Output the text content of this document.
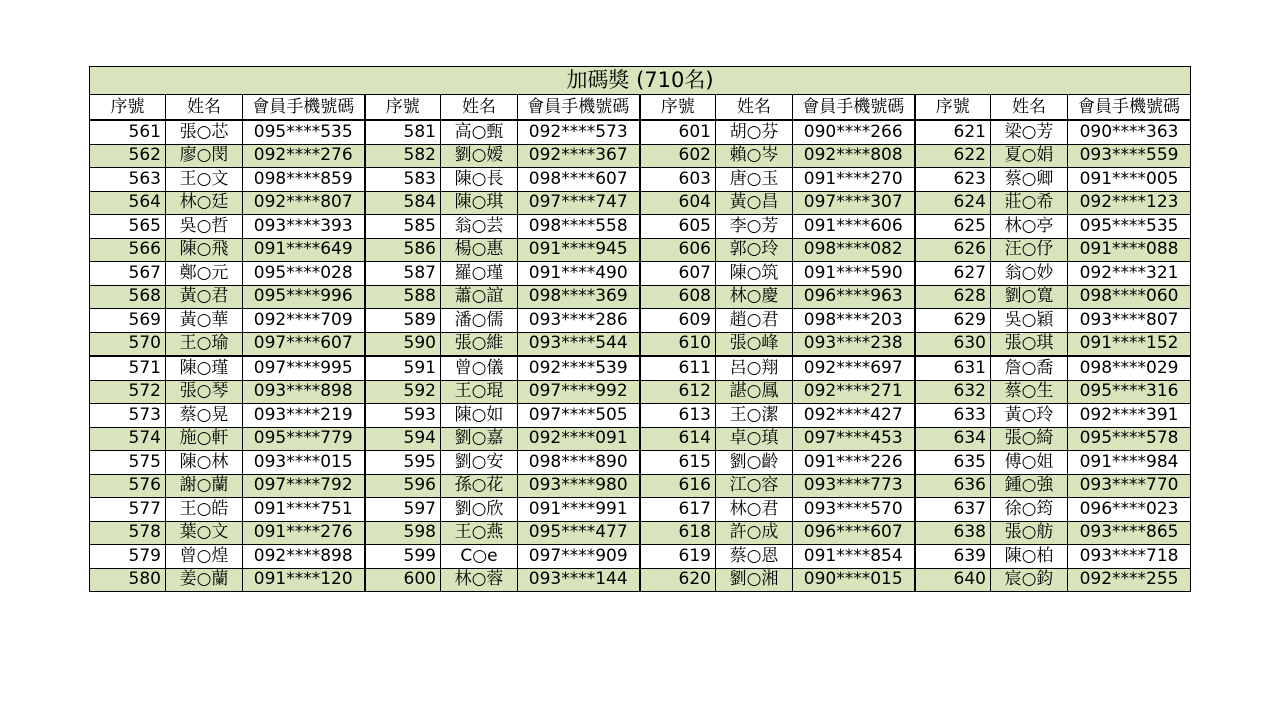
加碼獎 (710名)											
序號	姓名	會員手機號碼	序號	姓名	會員手機號碼	序號	姓名	會員手機號碼	序號	姓名	會員手機號碼
561	張○芯	095****535	581	高○甄	092****573	601	胡○芬	090****266	621	梁○芳	090****363
562	廖○閔	092****276	582	劉○嫒	092****367	602	賴○岑	092****808	622	夏○娟	093****559
563	王○文	098****859	583	陳○長	098****607	603	唐○玉	091****270	623	蔡○卿	091****005
564	林○廷	092****807	584	陳○琪	097****747	604	黃○昌	097****307	624	莊○希	092****123
565	吳○哲	093****393	585	翁○芸	098****558	605	李○芳	091****606	625	林○亭	095****535
566	陳○飛	091****649	586	楊○惠	091****945	606	郭○玲	098****082	626	汪○伃	091****088
567	鄭○元	095****028	587	羅○瑾	091****490	607	陳○筑	091****590	627	翁○妙	092****321
568	黃○君	095****996	588	蕭○誼	098****369	608	林○慶	096****963	628	劉○寬	098****060
569	黃○華	092****709	589	潘○儒	093****286	609	趙○君	098****203	629	吳○穎	093****807
570	王○瑜	097****607	590	張○維	093****544	610	張○峰	093****238	630	張○琪	091****152
571	陳○瑾	097****995	591	曾○儀	092****539	611	呂○翔	092****697	631	詹○喬	098****029
572	張○琴	093****898	592	王○琨	097****992	612	諶○鳳	092****271	632	蔡○生	095****316
573	蔡○晃	093****219	593	陳○如	097****505	613	王○潔	092****427	633	黃○玲	092****391
574	施○軒	095****779	594	劉○嘉	092****091	614	卓○瑱	097****453	634	張○綺	095****578
575	陳○林	093****015	595	劉○安	098****890	615	劉○齡	091****226	635	傅○姐	091****984
576	謝○蘭	097****792	596	孫○花	093****980	616	江○容	093****773	636	鍾○強	093****770
577	王○皓	091****751	597	劉○欣	091****991	617	林○君	093****570	637	徐○筠	096****023
578	葉○文	091****276	598	王○燕	095****477	618	許○成	096****607	638	張○舫	093****865
579	曾○煌	092****898	599	C○e	097****909	619	蔡○恩	091****854	639	陳○柏	093****718
580	姜○蘭	091****120	600	林○蓉	093****144	620	劉○湘	090****015	640	宸○鈞	092****255
